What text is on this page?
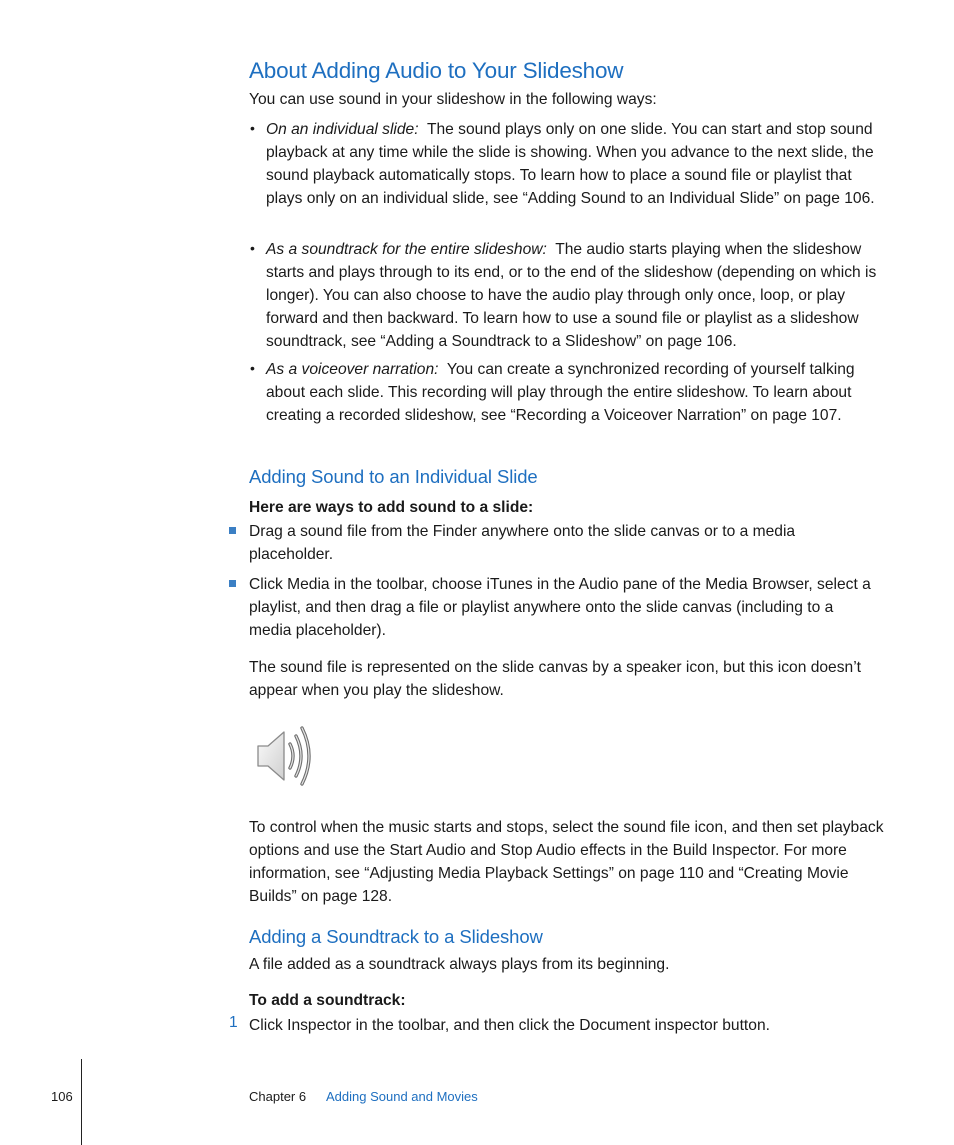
About Adding Audio to Your Slideshow
You can use sound in your slideshow in the following ways:
• On an individual slide: The sound plays only on one slide. You can start and stop sound playback at any time while the slide is showing. When you advance to the next slide, the sound playback automatically stops. To learn how to place a sound file or playlist that plays only on an individual slide, see “Adding Sound to an Individual Slide” on page 106.
• As a soundtrack for the entire slideshow: The audio starts playing when the slideshow starts and plays through to its end, or to the end of the slideshow (depending on which is longer). You can also choose to have the audio play through only once, loop, or play forward and then backward. To learn how to use a sound file or playlist as a slideshow soundtrack, see “Adding a Soundtrack to a Slideshow” on page 106.
• As a voiceover narration: You can create a synchronized recording of yourself talking about each slide. This recording will play through the entire slideshow. To learn about creating a recorded slideshow, see “Recording a Voiceover Narration” on page 107.
Adding Sound to an Individual Slide
Here are ways to add sound to a slide:
Drag a sound file from the Finder anywhere onto the slide canvas or to a media placeholder.
Click Media in the toolbar, choose iTunes in the Audio pane of the Media Browser, select a playlist, and then drag a file or playlist anywhere onto the slide canvas (including to a media placeholder).
The sound file is represented on the slide canvas by a speaker icon, but this icon doesn’t appear when you play the slideshow.
To control when the music starts and stops, select the sound file icon, and then set playback options and use the Start Audio and Stop Audio effects in the Build Inspector. For more information, see “Adjusting Media Playback Settings” on page 110 and “Creating Movie Builds” on page 128.
Adding a Soundtrack to a Slideshow
A file added as a soundtrack always plays from its beginning.
To add a soundtrack:
1 Click Inspector in the toolbar, and then click the Document inspector button.
106	Chapter 6 Adding Sound and Movies
